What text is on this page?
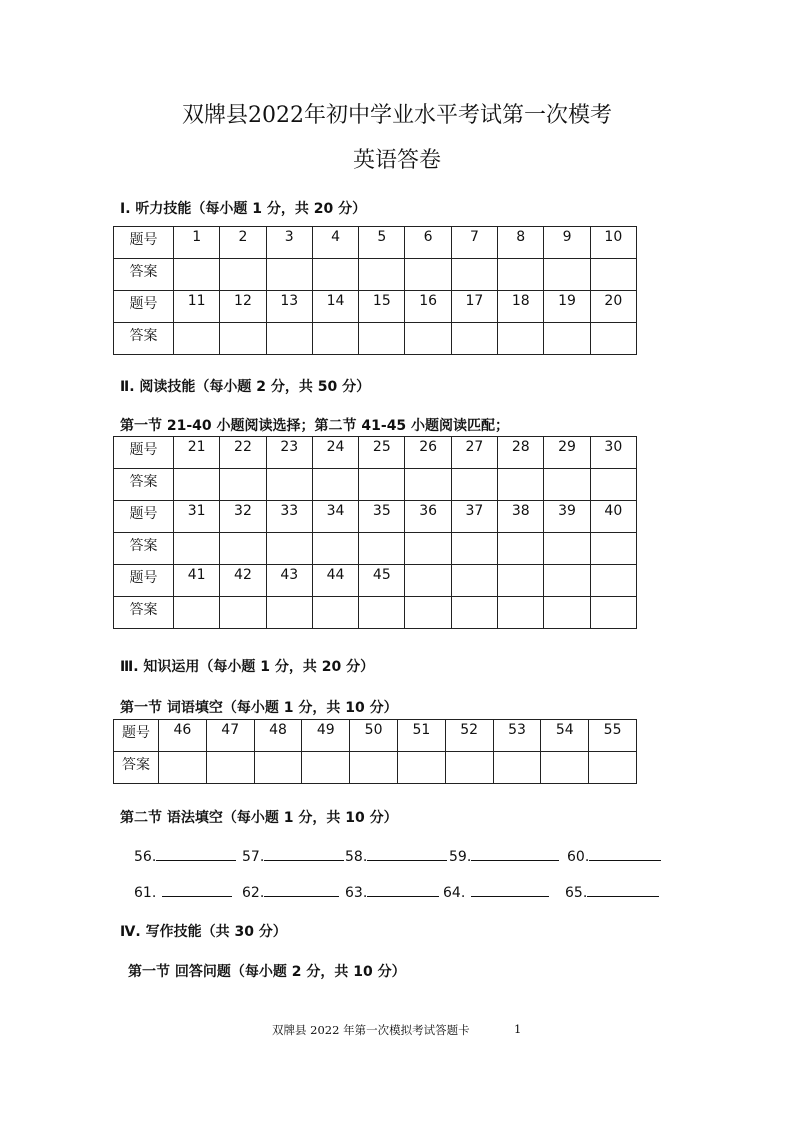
双牌县2022年初中学业水平考试第一次模考
英语答卷
Ⅰ. 听力技能（每小题 1 分，共 20 分）
题号	1	2	3	4	5	6	7	8	9	10
答案										
题号	11	12	13	14	15	16	17	18	19	20
答案										
Ⅱ. 阅读技能（每小题 2 分，共 50 分）
第一节 21-40 小题阅读选择；第二节 41-45 小题阅读匹配；
题号	21	22	23	24	25	26	27	28	29	30
答案										
题号	31	32	33	34	35	36	37	38	39	40
答案										
题号	41	42	43	44	45					
答案										
Ⅲ. 知识运用（每小题 1 分，共 20 分）
第一节 词语填空（每小题 1 分，共 10 分）
题号	46	47	48	49	50	51	52	53	54	55
答案										
第二节 语法填空（每小题 1 分，共 10 分）
56.	57.	58.	59.	60.
61.	62.	63.	64.	65.
Ⅳ. 写作技能（共 30 分）
第一节 回答问题（每小题 2 分，共 10 分）
双牌县 2022 年第一次模拟考试答题卡	1
